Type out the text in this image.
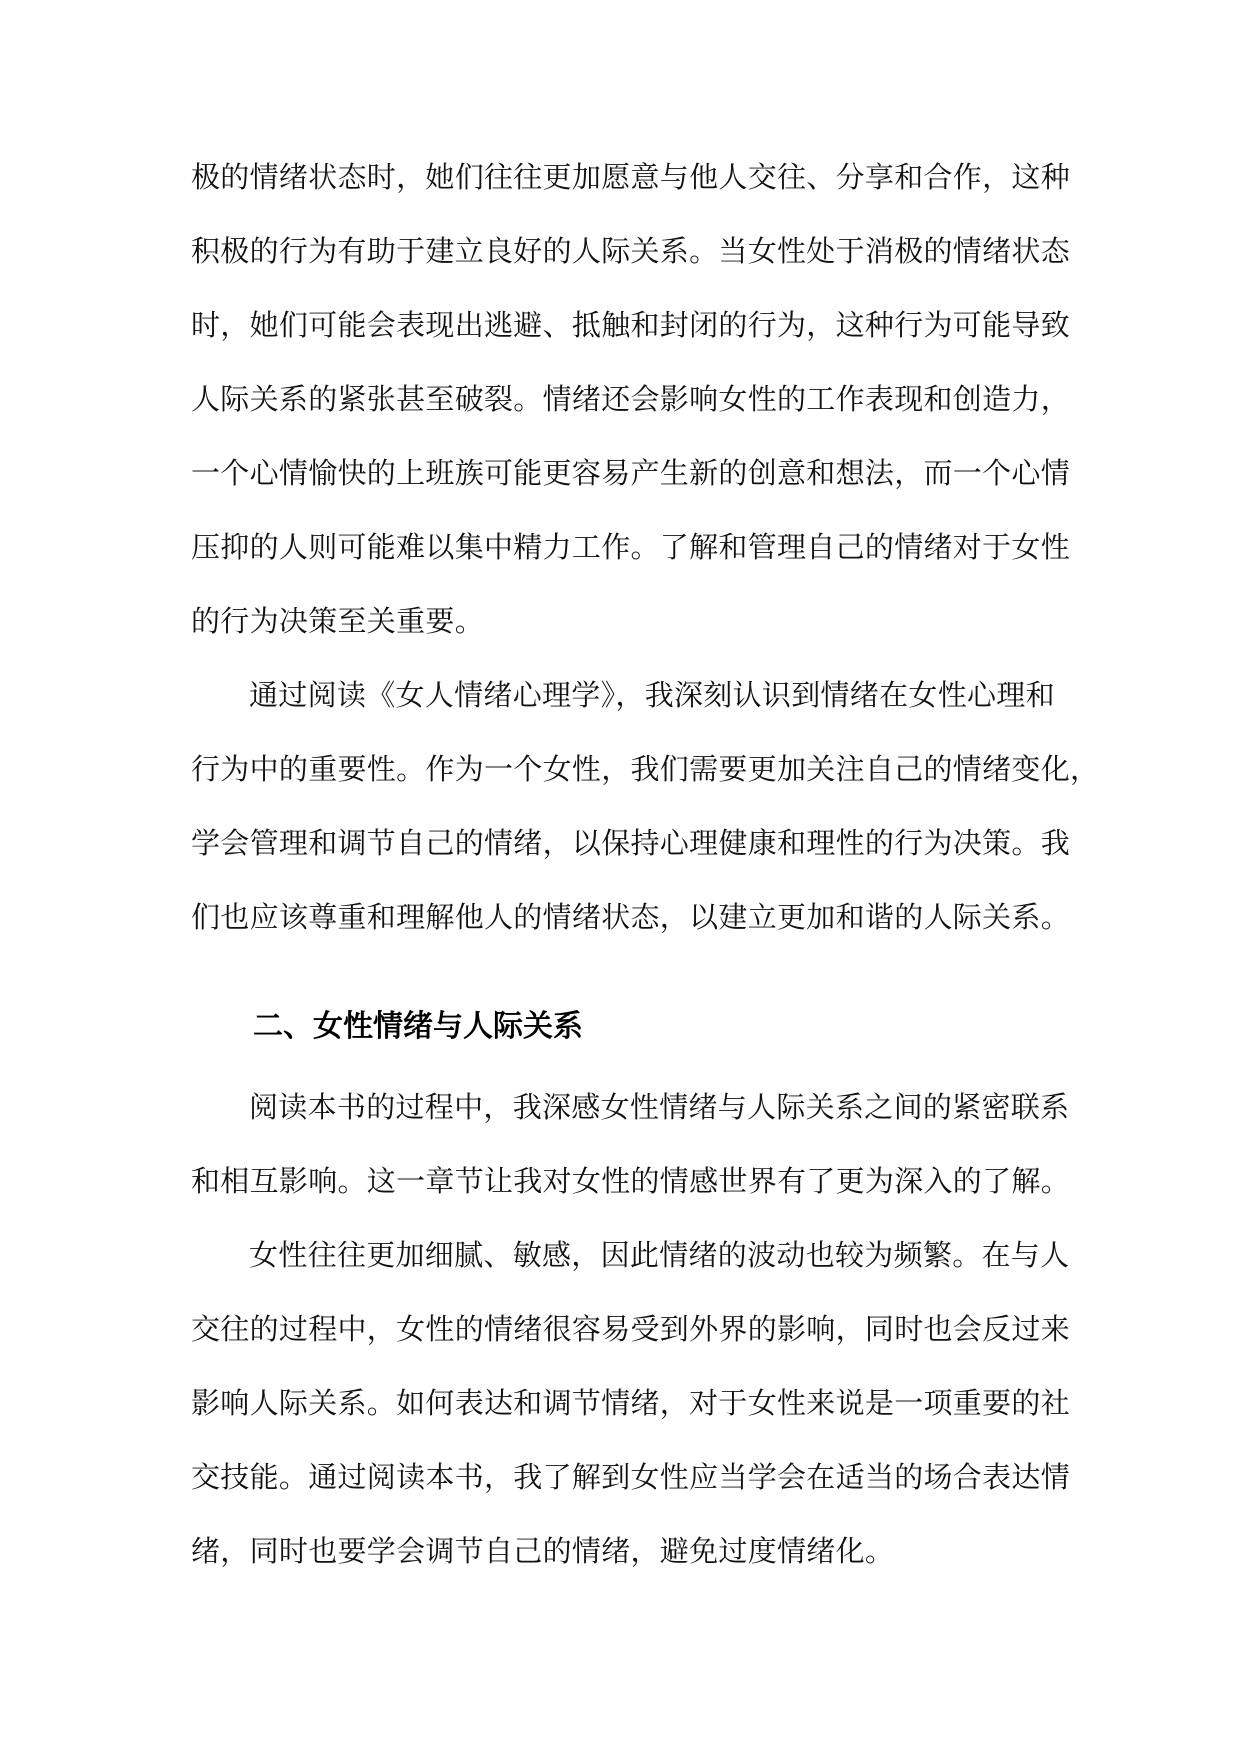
极的情绪状态时，她们往往更加愿意与他人交往、分享和合作，这种
积极的行为有助于建立良好的人际关系。当女性处于消极的情绪状态
时，她们可能会表现出逃避、抵触和封闭的行为，这种行为可能导致
人际关系的紧张甚至破裂。情绪还会影响女性的工作表现和创造力，
一个心情愉快的上班族可能更容易产生新的创意和想法，而一个心情
压抑的人则可能难以集中精力工作。了解和管理自己的情绪对于女性
的行为决策至关重要。
通过阅读《女人情绪心理学》，我深刻认识到情绪在女性心理和
行为中的重要性。作为一个女性，我们需要更加关注自己的情绪变化，
学会管理和调节自己的情绪，以保持心理健康和理性的行为决策。我
们也应该尊重和理解他人的情绪状态，以建立更加和谐的人际关系。
二、女性情绪与人际关系
阅读本书的过程中，我深感女性情绪与人际关系之间的紧密联系
和相互影响。这一章节让我对女性的情感世界有了更为深入的了解。
女性往往更加细腻、敏感，因此情绪的波动也较为频繁。在与人
交往的过程中，女性的情绪很容易受到外界的影响，同时也会反过来
影响人际关系。如何表达和调节情绪，对于女性来说是一项重要的社
交技能。通过阅读本书，我了解到女性应当学会在适当的场合表达情
绪，同时也要学会调节自己的情绪，避免过度情绪化。
